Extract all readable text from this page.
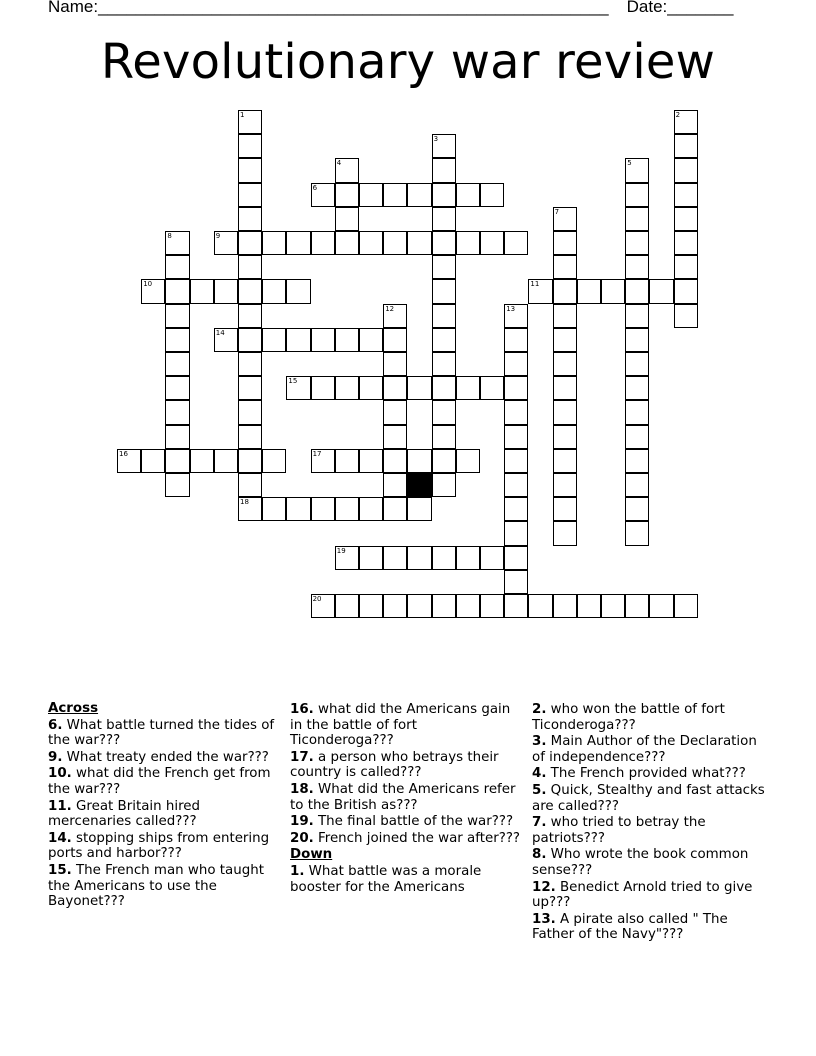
Name:______________________________________________________ Date:_______
Revolutionary war review
1
18
2
3
4	5
6
7
8	9
10	11
12	13
14
15
16	17
19
20
Across
6. What battle turned the tides of the war???
9. What treaty ended the war???
10. what did the French get from the war???
11. Great Britain hired mercenaries called???
14. stopping ships from entering ports and harbor???
15. The French man who taught the Americans to use the Bayonet???
16. what did the Americans gain in the battle of fort Ticonderoga???
17. a person who betrays their country is called???
18. What did the Americans refer to the British as???
19. The final battle of the war???
20. French joined the war after???
Down
1. What battle was a morale booster for the Americans
2. who won the battle of fort Ticonderoga???
3. Main Author of the Declaration of independence???
4. The French provided what???
5. Quick, Stealthy and fast attacks are called???
7. who tried to betray the patriots???
8. Who wrote the book common sense???
12. Benedict Arnold tried to give up???
13. A pirate also called " The Father of the Navy"???
